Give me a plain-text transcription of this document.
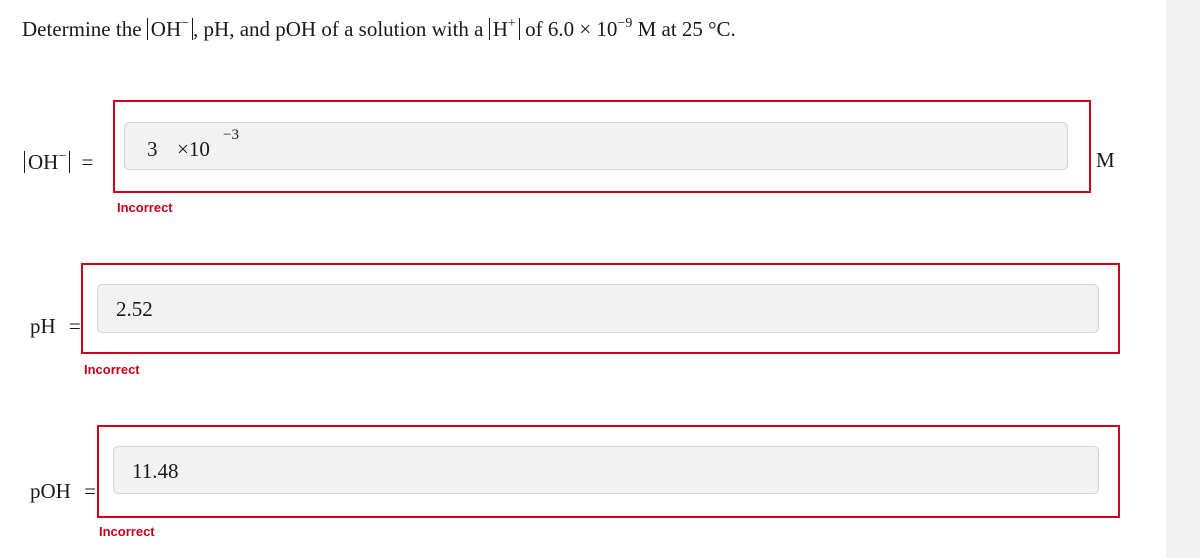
Determine the OH− , pH, and pOH of a solution with a H+ of $6.0 \times 10^{-9}$ M at 25 °C.
OH− =
3 ×10
−3
M
Incorrect
pH =
2.52
Incorrect
pOH =
11.48
Incorrect
